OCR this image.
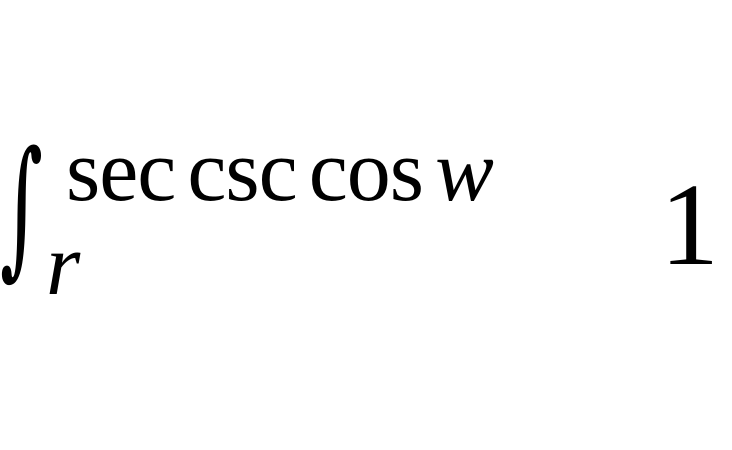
∫ sec csc cos w
r	1
